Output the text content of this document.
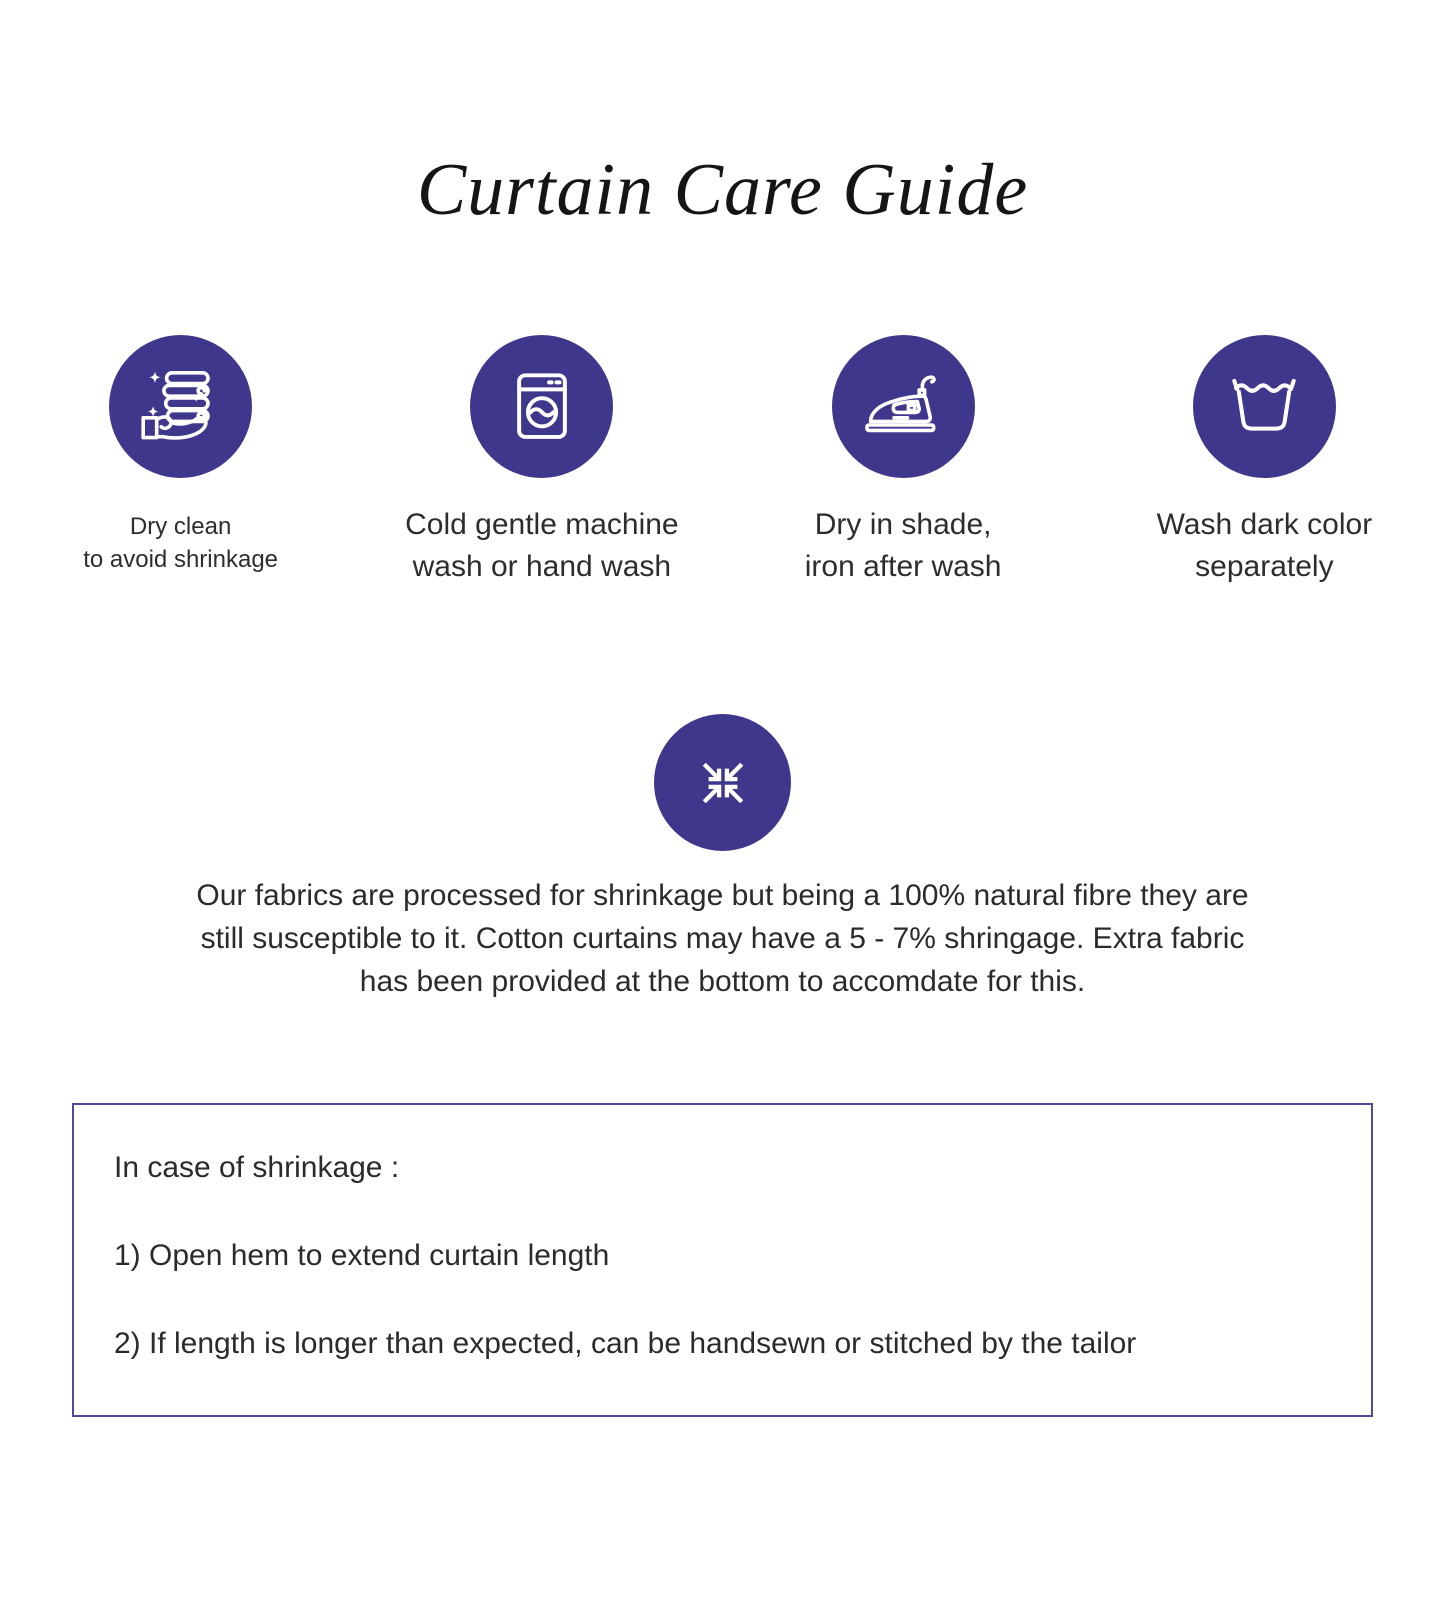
Curtain Care Guide
Dry clean
to avoid shrinkage
Cold gentle machine
wash or hand wash
Dry in shade,
iron after wash
Wash dark color
separately
Our fabrics are processed for shrinkage but being a 100% natural fibre they are
still susceptible to it. Cotton curtains may have a 5 - 7% shringage. Extra fabric
has been provided at the bottom to accomdate for this.

In case of shrinkage :

1) Open hem to extend curtain length

2) If length is longer than expected, can be handsewn or stitched by the tailor
